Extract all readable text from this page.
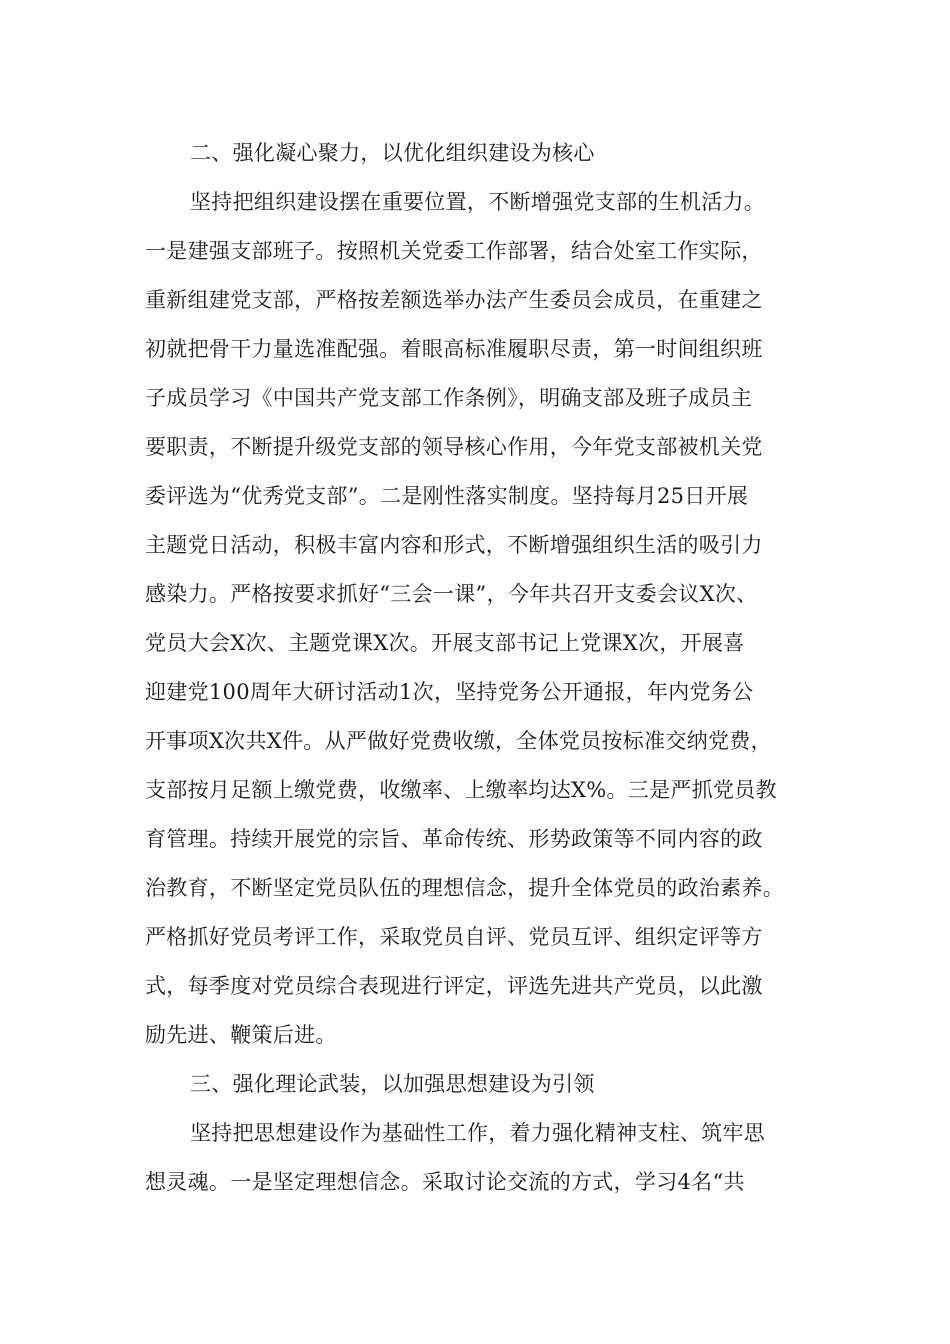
二、强化凝心聚力，以优化组织建设为核心

坚持把组织建设摆在重要位置，不断增强党支部的生机活力。

一是建强支部班子。按照机关党委工作部署，结合处室工作实际，

重新组建党支部，严格按差额选举办法产生委员会成员，在重建之

初就把骨干力量选准配强。着眼高标准履职尽责，第一时间组织班

子成员学习《中国共产党支部工作条例》，明确支部及班子成员主

要职责，不断提升级党支部的领导核心作用，今年党支部被机关党

委评选为“优秀党支部”。二是刚性落实制度。坚持每月25日开展

主题党日活动，积极丰富内容和形式，不断增强组织生活的吸引力

感染力。严格按要求抓好“三会一课”，今年共召开支委会议X次、

党员大会X次、主题党课X次。开展支部书记上党课X次，开展喜

迎建党100周年大研讨活动1次，坚持党务公开通报，年内党务公

开事项X次共X件。从严做好党费收缴，全体党员按标准交纳党费，

支部按月足额上缴党费，收缴率、上缴率均达X%。三是严抓党员教

育管理。持续开展党的宗旨、革命传统、形势政策等不同内容的政

治教育，不断坚定党员队伍的理想信念，提升全体党员的政治素养。

严格抓好党员考评工作，采取党员自评、党员互评、组织定评等方

式，每季度对党员综合表现进行评定，评选先进共产党员，以此激

励先进、鞭策后进。

三、强化理论武装，以加强思想建设为引领

坚持把思想建设作为基础性工作，着力强化精神支柱、筑牢思

想灵魂。一是坚定理想信念。采取讨论交流的方式，学习4名“共
